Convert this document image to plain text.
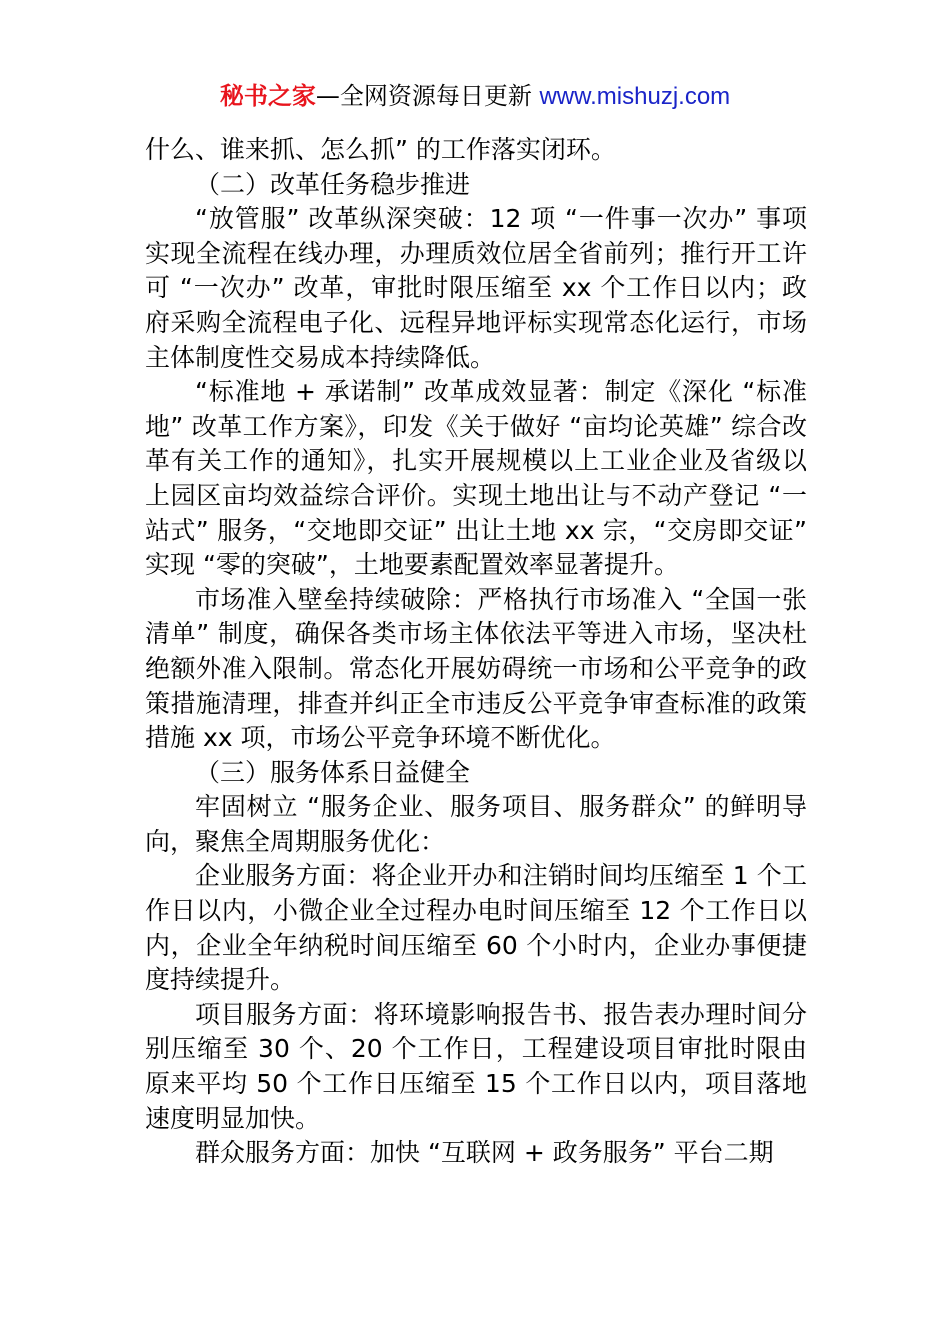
秘书之家—全网资源每日更新 www.mishuzj.com

什么、谁来抓、怎么抓” 的工作落实闭环。

（二）改革任务稳步推进

“放管服” 改革纵深突破：12 项 “一件事一次办” 事项实现全流程在线办理，办理质效位居全省前列；推行开工许可 “一次办” 改革，审批时限压缩至 xx 个工作日以内；政府采购全流程电子化、远程异地评标实现常态化运行，市场主体制度性交易成本持续降低。

“标准地 + 承诺制” 改革成效显著：制定《深化 “标准地” 改革工作方案》，印发《关于做好 “亩均论英雄” 综合改革有关工作的通知》，扎实开展规模以上工业企业及省级以上园区亩均效益综合评价。实现土地出让与不动产登记 “一站式” 服务，“交地即交证” 出让土地 xx 宗，“交房即交证” 实现 “零的突破”，土地要素配置效率显著提升。

市场准入壁垒持续破除：严格执行市场准入 “全国一张清单” 制度，确保各类市场主体依法平等进入市场，坚决杜绝额外准入限制。常态化开展妨碍统一市场和公平竞争的政策措施清理，排查并纠正全市违反公平竞争审查标准的政策措施 xx 项，市场公平竞争环境不断优化。

（三）服务体系日益健全

牢固树立 “服务企业、服务项目、服务群众” 的鲜明导向，聚焦全周期服务优化：

企业服务方面：将企业开办和注销时间均压缩至 1 个工作日以内，小微企业全过程办电时间压缩至 12 个工作日以内，企业全年纳税时间压缩至 60 个小时内，企业办事便捷度持续提升。

项目服务方面：将环境影响报告书、报告表办理时间分别压缩至 30 个、20 个工作日，工程建设项目审批时限由原来平均 50 个工作日压缩至 15 个工作日以内，项目落地速度明显加快。

群众服务方面：加快 “互联网 + 政务服务” 平台二期
